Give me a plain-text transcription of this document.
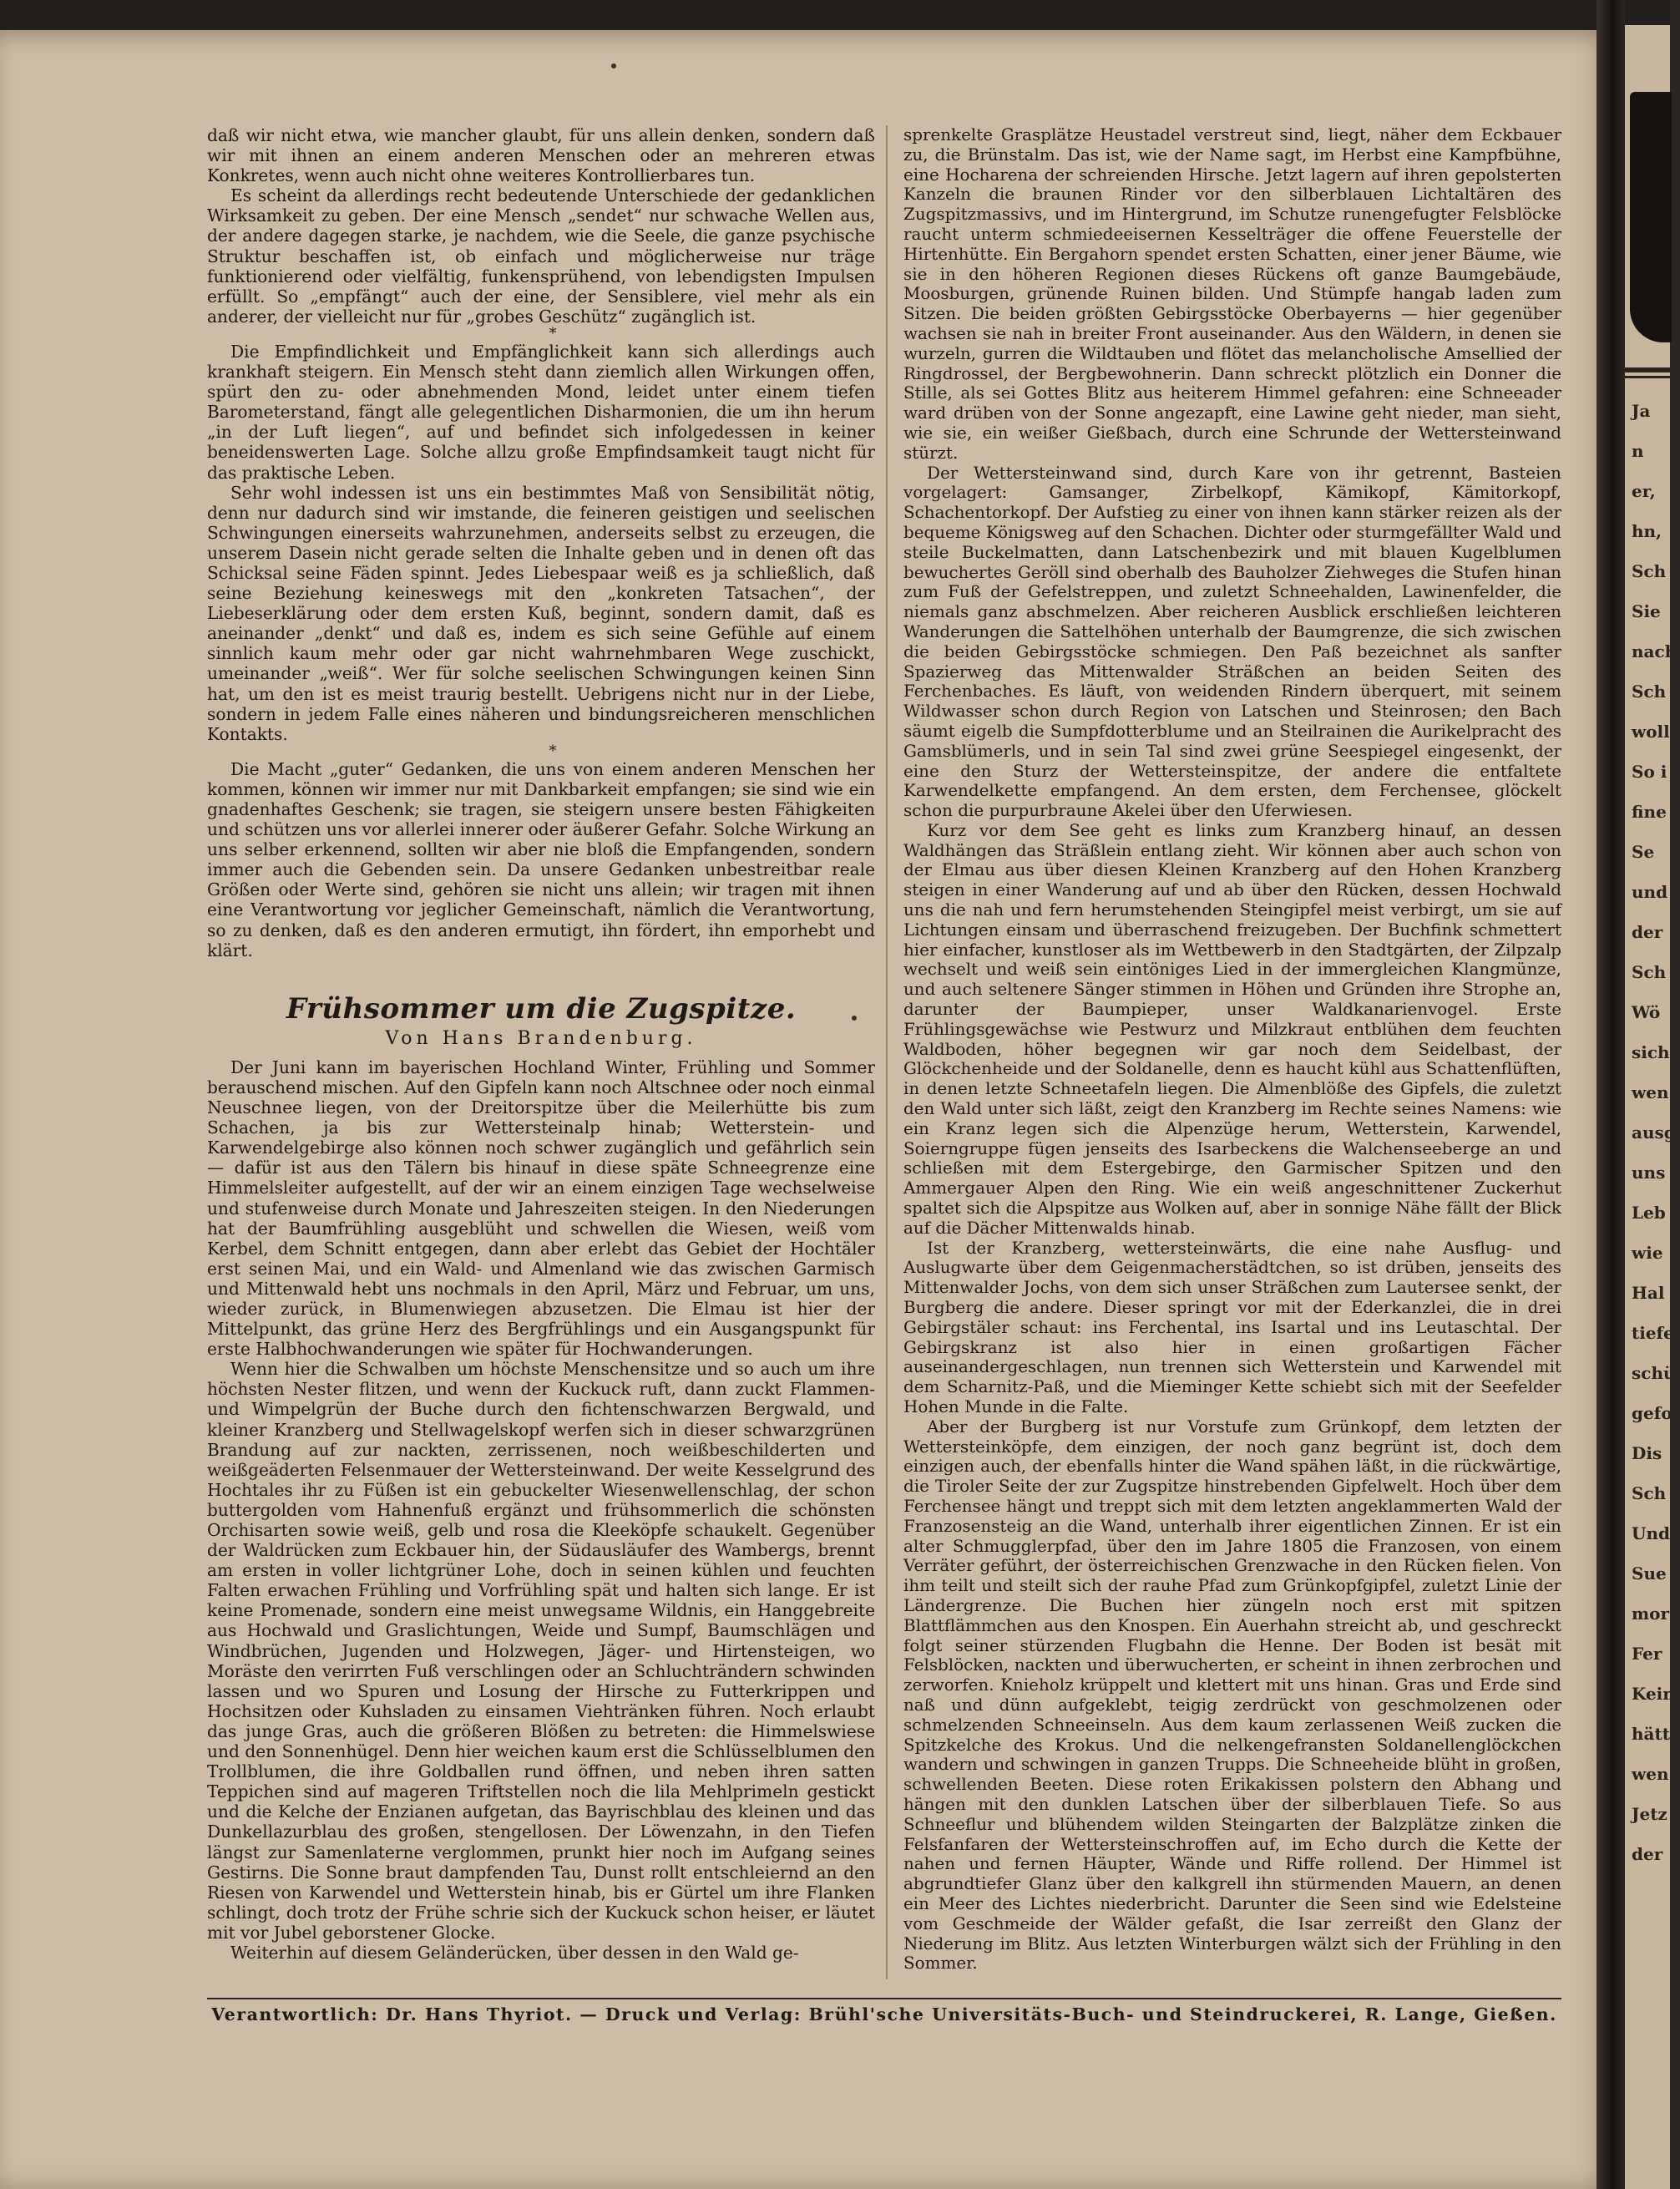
Ja
n
er,
hn,
Sch
Sie
nach
Sch
wolle
So i
fine
Se
und
der
Sch
Wö
sich
wen
ausg
uns
Leb
wie
Hal
tiefe
schü
gefo
Dis
Sch
Und
Sue
mor
Fer
Kein
hätt
wen
Jetz
der

daß wir nicht etwa, wie mancher glaubt, für uns allein denken, sondern daß wir mit ihnen an einem anderen Menschen oder an mehreren etwas Konkretes, wenn auch nicht ohne weiteres Kontrollierbares tun.

Es scheint da allerdings recht bedeutende Unterschiede der gedanklichen Wirksamkeit zu geben. Der eine Mensch „sendet“ nur schwache Wellen aus, der andere dagegen starke, je nachdem, wie die Seele, die ganze psychische Struktur beschaffen ist, ob einfach und möglicherweise nur träge funktionierend oder vielfältig, funkensprühend, von lebendigsten Impulsen erfüllt. So „empfängt“ auch der eine, der Sensiblere, viel mehr als ein anderer, der vielleicht nur für „grobes Geschütz“ zugänglich ist.

*

Die Empfindlichkeit und Empfänglichkeit kann sich allerdings auch krankhaft steigern. Ein Mensch steht dann ziemlich allen Wirkungen offen, spürt den zu- oder abnehmenden Mond, leidet unter einem tiefen Barometerstand, fängt alle gelegentlichen Disharmonien, die um ihn herum „in der Luft liegen“, auf und befindet sich infolgedessen in keiner beneidenswerten Lage. Solche allzu große Empfindsamkeit taugt nicht für das praktische Leben.

Sehr wohl indessen ist uns ein bestimmtes Maß von Sensibilität nötig, denn nur dadurch sind wir imstande, die feineren geistigen und seelischen Schwingungen einerseits wahrzunehmen, anderseits selbst zu erzeugen, die unserem Dasein nicht gerade selten die Inhalte geben und in denen oft das Schicksal seine Fäden spinnt. Jedes Liebespaar weiß es ja schließlich, daß seine Beziehung keineswegs mit den „konkreten Tatsachen“, der Liebeserklärung oder dem ersten Kuß, beginnt, sondern damit, daß es aneinander „denkt“ und daß es, indem es sich seine Gefühle auf einem sinnlich kaum mehr oder gar nicht wahrnehmbaren Wege zuschickt, umeinander „weiß“. Wer für solche seelischen Schwingungen keinen Sinn hat, um den ist es meist traurig bestellt. Uebrigens nicht nur in der Liebe, sondern in jedem Falle eines näheren und bindungsreicheren menschlichen Kontakts.

*

Die Macht „guter“ Gedanken, die uns von einem anderen Menschen her kommen, können wir immer nur mit Dankbarkeit empfangen; sie sind wie ein gnadenhaftes Geschenk; sie tragen, sie steigern unsere besten Fähigkeiten und schützen uns vor allerlei innerer oder äußerer Gefahr. Solche Wirkung an uns selber erkennend, sollten wir aber nie bloß die Empfangenden, sondern immer auch die Gebenden sein. Da unsere Gedanken unbestreitbar reale Größen oder Werte sind, gehören sie nicht uns allein; wir tragen mit ihnen eine Verantwortung vor jeglicher Gemeinschaft, nämlich die Verantwortung, so zu denken, daß es den anderen ermutigt, ihn fördert, ihn emporhebt und klärt.

Frühsommer um die Zugspitze.
Von Hans Brandenburg.

Der Juni kann im bayerischen Hochland Winter, Frühling und Sommer berauschend mischen. Auf den Gipfeln kann noch Altschnee oder noch einmal Neuschnee liegen, von der Dreitorspitze über die Meilerhütte bis zum Schachen, ja bis zur Wettersteinalp hinab; Wetterstein- und Karwendelgebirge also können noch schwer zugänglich und gefährlich sein — dafür ist aus den Tälern bis hinauf in diese späte Schneegrenze eine Himmelsleiter aufgestellt, auf der wir an einem einzigen Tage wechselweise und stufenweise durch Monate und Jahreszeiten steigen. In den Niederungen hat der Baumfrühling ausgeblüht und schwellen die Wiesen, weiß vom Kerbel, dem Schnitt entgegen, dann aber erlebt das Gebiet der Hochtäler erst seinen Mai, und ein Wald- und Almenland wie das zwischen Garmisch und Mittenwald hebt uns nochmals in den April, März und Februar, um uns, wieder zurück, in Blumenwiegen abzusetzen. Die Elmau ist hier der Mittelpunkt, das grüne Herz des Bergfrühlings und ein Ausgangspunkt für erste Halbhochwanderungen wie später für Hochwanderungen.

Wenn hier die Schwalben um höchste Menschensitze und so auch um ihre höchsten Nester flitzen, und wenn der Kuckuck ruft, dann zuckt Flammen- und Wimpelgrün der Buche durch den fichtenschwarzen Bergwald, und kleiner Kranzberg und Stellwagelskopf werfen sich in dieser schwarzgrünen Brandung auf zur nackten, zerrissenen, noch weißbeschilderten und weißgeäderten Felsenmauer der Wettersteinwand. Der weite Kesselgrund des Hochtales ihr zu Füßen ist ein gebuckelter Wiesenwellenschlag, der schon buttergolden vom Hahnenfuß ergänzt und frühsommerlich die schönsten Orchisarten sowie weiß, gelb und rosa die Kleeköpfe schaukelt. Gegenüber der Waldrücken zum Eckbauer hin, der Südausläufer des Wambergs, brennt am ersten in voller lichtgrüner Lohe, doch in seinen kühlen und feuchten Falten erwachen Frühling und Vorfrühling spät und halten sich lange. Er ist keine Promenade, sondern eine meist unwegsame Wildnis, ein Hanggebreite aus Hochwald und Graslichtungen, Weide und Sumpf, Baumschlägen und Windbrüchen, Jugenden und Holzwegen, Jäger- und Hirtensteigen, wo Moräste den verirrten Fuß verschlingen oder an Schluchträndern schwinden lassen und wo Spuren und Losung der Hirsche zu Futterkrippen und Hochsitzen oder Kuhsladen zu einsamen Viehtränken führen. Noch erlaubt das junge Gras, auch die größeren Blößen zu betreten: die Himmelswiese und den Sonnenhügel. Denn hier weichen kaum erst die Schlüsselblumen den Trollblumen, die ihre Goldballen rund öffnen, und neben ihren satten Teppichen sind auf mageren Triftstellen noch die lila Mehlprimeln gestickt und die Kelche der Enzianen aufgetan, das Bayrischblau des kleinen und das Dunkellazurblau des großen, stengellosen. Der Löwenzahn, in den Tiefen längst zur Samenlaterne verglommen, prunkt hier noch im Aufgang seines Gestirns. Die Sonne braut dampfenden Tau, Dunst rollt entschleiernd an den Riesen von Karwendel und Wetterstein hinab, bis er Gürtel um ihre Flanken schlingt, doch trotz der Frühe schrie sich der Kuckuck schon heiser, er läutet mit vor Jubel geborstener Glocke.

Weiterhin auf diesem Geländerücken, über dessen in den Wald ge-

sprenkelte Grasplätze Heustadel verstreut sind, liegt, näher dem Eckbauer zu, die Brünstalm. Das ist, wie der Name sagt, im Herbst eine Kampfbühne, eine Hocharena der schreienden Hirsche. Jetzt lagern auf ihren gepolsterten Kanzeln die braunen Rinder vor den silberblauen Lichtaltären des Zugspitzmassivs, und im Hintergrund, im Schutze runengefugter Felsblöcke raucht unterm schmiedeeisernen Kesselträger die offene Feuerstelle der Hirtenhütte. Ein Bergahorn spendet ersten Schatten, einer jener Bäume, wie sie in den höheren Regionen dieses Rückens oft ganze Baumgebäude, Moosburgen, grünende Ruinen bilden. Und Stümpfe hangab laden zum Sitzen. Die beiden größten Gebirgsstöcke Oberbayerns — hier gegenüber wachsen sie nah in breiter Front auseinander. Aus den Wäldern, in denen sie wurzeln, gurren die Wildtauben und flötet das melancholische Amsellied der Ringdrossel, der Bergbewohnerin. Dann schreckt plötzlich ein Donner die Stille, als sei Gottes Blitz aus heiterem Himmel gefahren: eine Schneeader ward drüben von der Sonne angezapft, eine Lawine geht nieder, man sieht, wie sie, ein weißer Gießbach, durch eine Schrunde der Wettersteinwand stürzt.

Der Wettersteinwand sind, durch Kare von ihr getrennt, Basteien vorgelagert: Gamsanger, Zirbelkopf, Kämikopf, Kämitorkopf, Schachentorkopf. Der Aufstieg zu einer von ihnen kann stärker reizen als der bequeme Königsweg auf den Schachen. Dichter oder sturmgefällter Wald und steile Buckelmatten, dann Latschenbezirk und mit blauen Kugelblumen bewuchertes Geröll sind oberhalb des Bauholzer Ziehweges die Stufen hinan zum Fuß der Gefelstreppen, und zuletzt Schneehalden, Lawinenfelder, die niemals ganz abschmelzen. Aber reicheren Ausblick erschließen leichteren Wanderungen die Sattelhöhen unterhalb der Baumgrenze, die sich zwischen die beiden Gebirgsstöcke schmiegen. Den Paß bezeichnet als sanfter Spazierweg das Mittenwalder Sträßchen an beiden Seiten des Ferchenbaches. Es läuft, von weidenden Rindern überquert, mit seinem Wildwasser schon durch Region von Latschen und Steinrosen; den Bach säumt eigelb die Sumpfdotterblume und an Steilrainen die Aurikelpracht des Gamsblümerls, und in sein Tal sind zwei grüne Seespiegel eingesenkt, der eine den Sturz der Wettersteinspitze, der andere die entfaltete Karwendelkette empfangend. An dem ersten, dem Ferchensee, glöckelt schon die purpurbraune Akelei über den Uferwiesen.

Kurz vor dem See geht es links zum Kranzberg hinauf, an dessen Waldhängen das Sträßlein entlang zieht. Wir können aber auch schon von der Elmau aus über diesen Kleinen Kranzberg auf den Hohen Kranzberg steigen in einer Wanderung auf und ab über den Rücken, dessen Hochwald uns die nah und fern herumstehenden Steingipfel meist verbirgt, um sie auf Lichtungen einsam und überraschend freizugeben. Der Buchfink schmettert hier einfacher, kunstloser als im Wettbewerb in den Stadtgärten, der Zilpzalp wechselt und weiß sein eintöniges Lied in der immergleichen Klangmünze, und auch seltenere Sänger stimmen in Höhen und Gründen ihre Strophe an, darunter der Baumpieper, unser Waldkanarienvogel. Erste Frühlingsgewächse wie Pestwurz und Milzkraut entblühen dem feuchten Waldboden, höher begegnen wir gar noch dem Seidelbast, der Glöckchenheide und der Soldanelle, denn es haucht kühl aus Schattenflüften, in denen letzte Schneetafeln liegen. Die Almenblöße des Gipfels, die zuletzt den Wald unter sich läßt, zeigt den Kranzberg im Rechte seines Namens: wie ein Kranz legen sich die Alpenzüge herum, Wetterstein, Karwendel, Soierngruppe fügen jenseits des Isarbeckens die Walchenseeberge an und schließen mit dem Estergebirge, den Garmischer Spitzen und den Ammergauer Alpen den Ring. Wie ein weiß angeschnittener Zuckerhut spaltet sich die Alpspitze aus Wolken auf, aber in sonnige Nähe fällt der Blick auf die Dächer Mittenwalds hinab.

Ist der Kranzberg, wettersteinwärts, die eine nahe Ausflug- und Auslugwarte über dem Geigenmacherstädtchen, so ist drüben, jenseits des Mittenwalder Jochs, von dem sich unser Sträßchen zum Lautersee senkt, der Burgberg die andere. Dieser springt vor mit der Ederkanzlei, die in drei Gebirgstäler schaut: ins Ferchental, ins Isartal und ins Leutaschtal. Der Gebirgskranz ist also hier in einen großartigen Fächer auseinandergeschlagen, nun trennen sich Wetterstein und Karwendel mit dem Scharnitz-Paß, und die Mieminger Kette schiebt sich mit der Seefelder Hohen Munde in die Falte.

Aber der Burgberg ist nur Vorstufe zum Grünkopf, dem letzten der Wettersteinköpfe, dem einzigen, der noch ganz begrünt ist, doch dem einzigen auch, der ebenfalls hinter die Wand spähen läßt, in die rückwärtige, die Tiroler Seite der zur Zugspitze hinstrebenden Gipfelwelt. Hoch über dem Ferchensee hängt und treppt sich mit dem letzten angeklammerten Wald der Franzosensteig an die Wand, unterhalb ihrer eigentlichen Zinnen. Er ist ein alter Schmugglerpfad, über den im Jahre 1805 die Franzosen, von einem Verräter geführt, der österreichischen Grenzwache in den Rücken fielen. Von ihm teilt und steilt sich der rauhe Pfad zum Grünkopfgipfel, zuletzt Linie der Ländergrenze. Die Buchen hier züngeln noch erst mit spitzen Blattflämmchen aus den Knospen. Ein Auerhahn streicht ab, und geschreckt folgt seiner stürzenden Flugbahn die Henne. Der Boden ist besät mit Felsblöcken, nackten und überwucherten, er scheint in ihnen zerbrochen und zerworfen. Knieholz krüppelt und klettert mit uns hinan. Gras und Erde sind naß und dünn aufgeklebt, teigig zerdrückt von geschmolzenen oder schmelzenden Schneeinseln. Aus dem kaum zerlassenen Weiß zucken die Spitzkelche des Krokus. Und die nelkengefransten Soldanellenglöckchen wandern und schwingen in ganzen Trupps. Die Schneeheide blüht in großen, schwellenden Beeten. Diese roten Erikakissen polstern den Abhang und hängen mit den dunklen Latschen über der silberblauen Tiefe. So aus Schneeflur und blühendem wilden Steingarten der Balzplätze zinken die Felsfanfaren der Wettersteinschroffen auf, im Echo durch die Kette der nahen und fernen Häupter, Wände und Riffe rollend. Der Himmel ist abgrundtiefer Glanz über den kalkgrell ihn stürmenden Mauern, an denen ein Meer des Lichtes niederbricht. Darunter die Seen sind wie Edelsteine vom Geschmeide der Wälder gefaßt, die Isar zerreißt den Glanz der Niederung im Blitz. Aus letzten Winterburgen wälzt sich der Frühling in den Sommer.

Verantwortlich: Dr. Hans Thyriot. — Druck und Verlag: Brühl'sche Universitäts-Buch- und Steindruckerei, R. Lange, Gießen.
